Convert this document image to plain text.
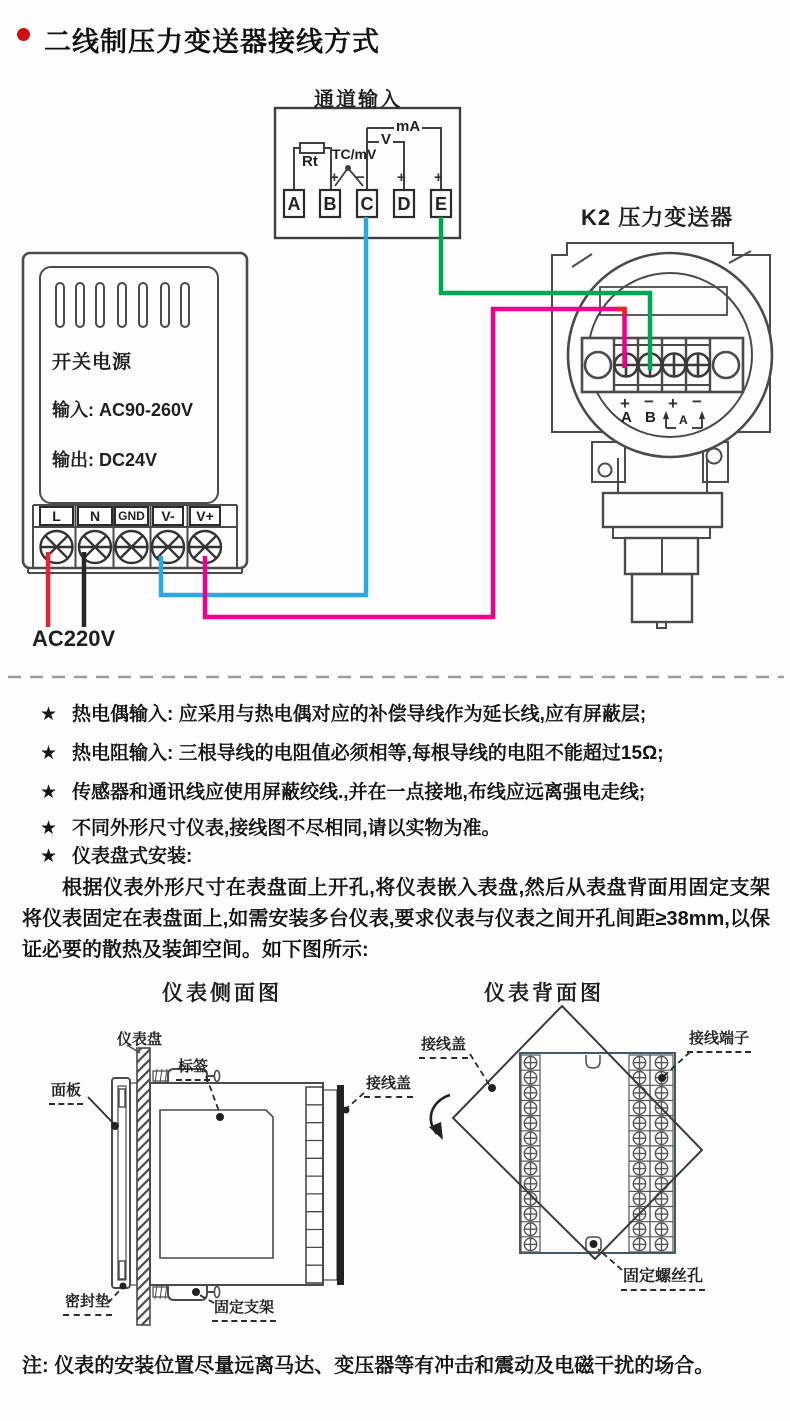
二线制压力变送器接线方式
通道输入
Rt TC/mV
V
mA
+ − + +
A B C D E
K2 压力变送器
+ − + −
A B A
开关电源
输入: AC90-260V
输出: DC24V
L	N	GND	V-	V+
AC220V
★ 热电偶输入: 应采用与热电偶对应的补偿导线作为延长线,应有屏蔽层;
★ 热电阻输入: 三根导线的电阻值必须相等,每根导线的电阻不能超过15Ω;
★ 传感器和通讯线应使用屏蔽绞线.,并在一点接地,布线应远离强电走线;
★ 不同外形尺寸仪表,接线图不尽相同,请以实物为准。
★ 仪表盘式安装:
根据仪表外形尺寸在表盘面上开孔,将仪表嵌入表盘,然后从表盘背面用固定支架将仪表固定在表盘面上,如需安装多台仪表,要求仪表与仪表之间开孔间距≥38mm,以保证必要的散热及装卸空间。如下图所示:
仪表侧面图	仪表背面图
仪表盘
面板
标签
接线盖
密封垫	固定支架
接线盖	接线端子
固定螺丝孔
注: 仪表的安装位置尽量远离马达、变压器等有冲击和震动及电磁干扰的场合。
